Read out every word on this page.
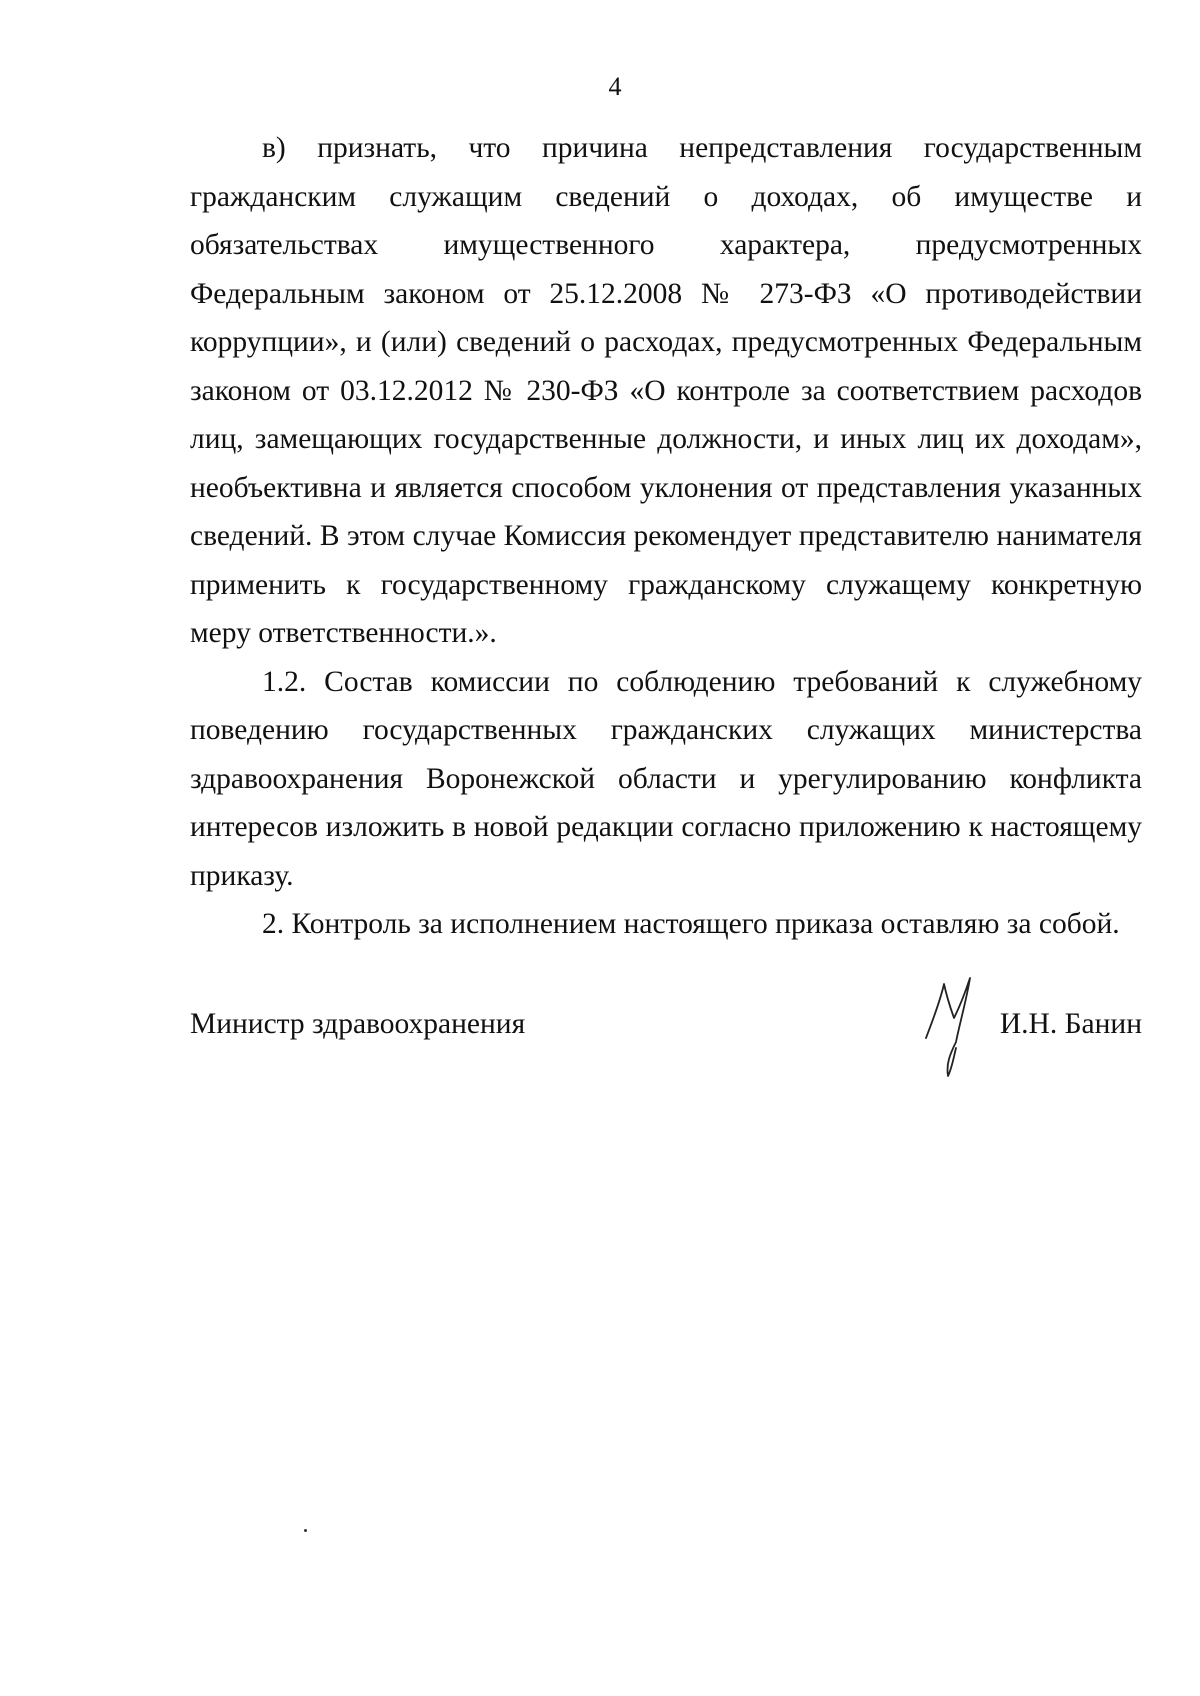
4

в) признать, что причина непредставления государственным гражданским служащим сведений о доходах, об имуществе и обязательствах имущественного характера, предусмотренных Федеральным законом от 25.12.2008 № 273-ФЗ «О противодействии коррупции», и (или) сведений о расходах, предусмотренных Федеральным законом от 03.12.2012 № 230-ФЗ «О контроле за соответствием расходов лиц, замещающих государственные должности, и иных лиц их доходам», необъективна и является способом уклонения от представления указанных сведений. В этом случае Комиссия рекомендует представителю нанимателя применить к государственному гражданскому служащему конкретную меру ответственности.».

1.2. Состав комиссии по соблюдению требований к служебному поведению государственных гражданских служащих министерства здравоохранения Воронежской области и урегулированию конфликта интересов изложить в новой редакции согласно приложению к настоящему приказу.

2. Контроль за исполнением настоящего приказа оставляю за собой.

Министр здравоохранения	И.Н. Банин
